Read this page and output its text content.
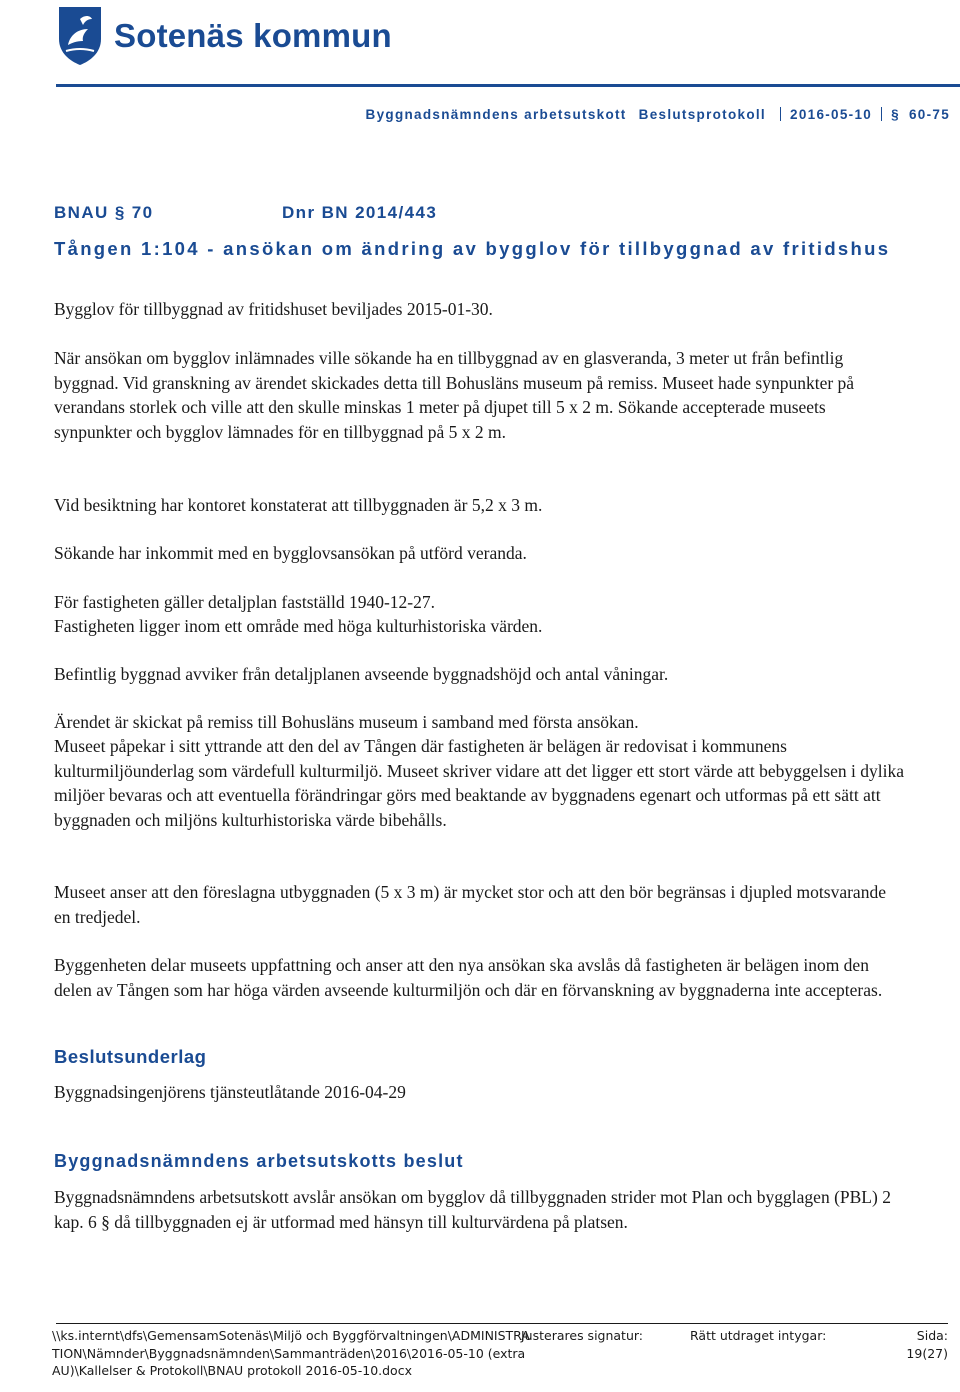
Sotenäs kommun
Byggnadsnämndens arbetsutskott Beslutsprotokoll 2016-05-10 § 60-75
BNAU § 70	Dnr BN 2014/443
Tången 1:104 - ansökan om ändring av bygglov för tillbyggnad av fritidshus
Bygglov för tillbyggnad av fritidshuset beviljades 2015-01-30.
När ansökan om bygglov inlämnades ville sökande ha en tillbyggnad av en glasveranda, 3 meter ut från befintlig byggnad. Vid granskning av ärendet skickades detta till Bohusläns museum på remiss. Museet hade synpunkter på verandans storlek och ville att den skulle minskas 1 meter på djupet till 5 x 2 m. Sökande accepterade museets synpunkter och bygglov lämnades för en tillbyggnad på 5 x 2 m.
Vid besiktning har kontoret konstaterat att tillbyggnaden är 5,2 x 3 m.
Sökande har inkommit med en bygglovsansökan på utförd veranda.
För fastigheten gäller detaljplan fastställd 1940-12-27.
Fastigheten ligger inom ett område med höga kulturhistoriska värden.
Befintlig byggnad avviker från detaljplanen avseende byggnadshöjd och antal våningar.
Ärendet är skickat på remiss till Bohusläns museum i samband med första ansökan.
Museet påpekar i sitt yttrande att den del av Tången där fastigheten är belägen är redovisat i kommunens kulturmiljöunderlag som värdefull kulturmiljö. Museet skriver vidare att det ligger ett stort värde att bebyggelsen i dylika miljöer bevaras och att eventuella förändringar görs med beaktande av byggnadens egenart och utformas på ett sätt att byggnaden och miljöns kulturhistoriska värde bibehålls.
Museet anser att den föreslagna utbyggnaden (5 x 3 m) är mycket stor och att den bör begränsas i djupled motsvarande en tredjedel.
Byggenheten delar museets uppfattning och anser att den nya ansökan ska avslås då fastigheten är belägen inom den delen av Tången som har höga värden avseende kulturmiljön och där en förvanskning av byggnaderna inte accepteras.
Beslutsunderlag
Byggnadsingenjörens tjänsteutlåtande 2016-04-29
Byggnadsnämndens arbetsutskotts beslut
Byggnadsnämndens arbetsutskott avslår ansökan om bygglov då tillbyggnaden strider mot Plan och bygglagen (PBL) 2 kap. 6 § då tillbyggnaden ej är utformad med hänsyn till kulturvärdena på platsen.
\\ks.internt\dfs\GemensamSotenäs\Miljö och Byggförvaltningen\ADMINISTRATION\Nämnder\Byggnadsnämnden\Sammanträden\2016\2016-05-10 (extra AU)\Kallelser & Protokoll\BNAU protokoll 2016-05-10.docx
Justerares signatur:	Rätt utdraget intygar:	Sida:
19(27)
